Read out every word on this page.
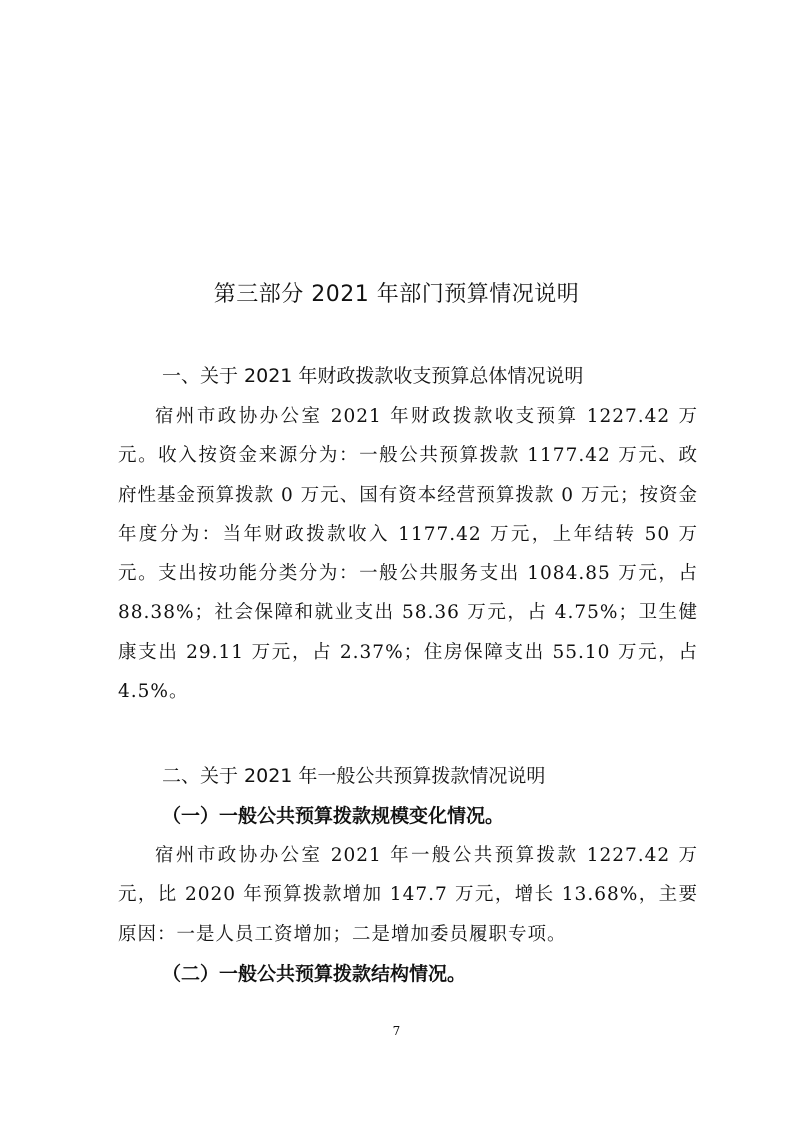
第三部分 2021 年部门预算情况说明
一、关于 2021 年财政拨款收支预算总体情况说明
宿州市政协办公室 2021 年财政拨款收支预算 1227.42 万元。收入按资金来源分为：一般公共预算拨款 1177.42 万元、政府性基金预算拨款 0 万元、国有资本经营预算拨款 0 万元；按资金年度分为：当年财政拨款收入 1177.42 万元，上年结转 50 万元。支出按功能分类分为：一般公共服务支出 1084.85 万元，占 88.38%；社会保障和就业支出 58.36 万元，占 4.75%；卫生健康支出 29.11 万元，占 2.37%；住房保障支出 55.10 万元，占 4.5%。
二、关于 2021 年一般公共预算拨款情况说明
（一）一般公共预算拨款规模变化情况。
宿州市政协办公室 2021 年一般公共预算拨款 1227.42 万元，比 2020 年预算拨款增加 147.7 万元，增长 13.68%，主要原因：一是人员工资增加；二是增加委员履职专项。
（二）一般公共预算拨款结构情况。
7
